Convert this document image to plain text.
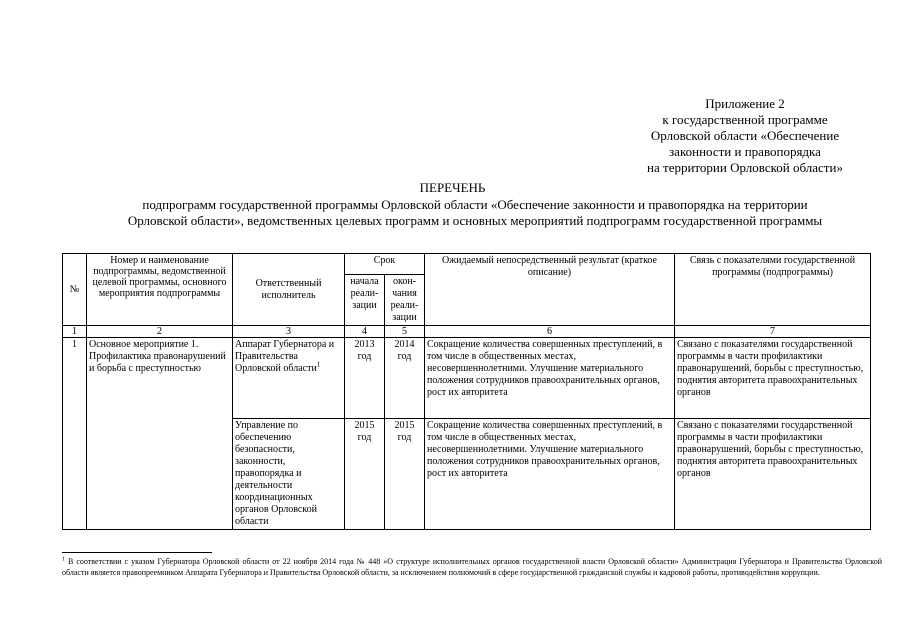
Приложение 2
к государственной программе
Орловской области «Обеспечение
законности и правопорядка
на территории Орловской области»
ПЕРЕЧЕНЬ
подпрограмм государственной программы Орловской области «Обеспечение законности и правопорядка на территории
Орловской области», ведомственных целевых программ и основных мероприятий подпрограмм государственной программы
№	Номер и наименование подпрограммы, ведомственной целевой программы, основного мероприятия подпрограммы	Ответственный исполнитель	Срок		Ожидаемый непосредственный результат (краткое описание)	Связь с показателями государственной программы (подпрограммы)
			начала реали-зации	окон-чания реали-зации		
1	2	3	4	5	6	7
1	Основное мероприятие 1. Профилактика правонарушений и борьба с преступностью	Аппарат Губернатора и Правительства Орловской области$^1$	2013 год	2014 год	Сокращение количества совершенных преступлений, в том числе в общественных местах, несовершеннолетними. Улучшение материального положения сотрудников правоохранительных органов, рост их авторитета	Связано с показателями государственной программы в части профилактики правонарушений, борьбы с преступностью, поднятия авторитета правоохранительных органов
		Управление по обеспечению безопасности, законности, правопорядка и деятельности координационных органов Орловской области	2015 год	2015 год	Сокращение количества совершенных преступлений, в том числе в общественных местах, несовершеннолетними. Улучшение материального положения сотрудников правоохранительных органов, рост их авторитета	Связано с показателями государственной программы в части профилактики правонарушений, борьбы с преступностью, поднятия авторитета правоохранительных органов
$^1$ В соответствии с указом Губернатора Орловской области от 22 ноября 2014 года № 448 «О структуре исполнительных органов государственной власти Орловской области» Администрация Губернатора и Правительства Орловской области является правопреемником Аппарата Губернатора и Правительства Орловской области, за исключением полномочий в сфере государственной гражданской службы и кадровой работы, противодействия коррупции.
